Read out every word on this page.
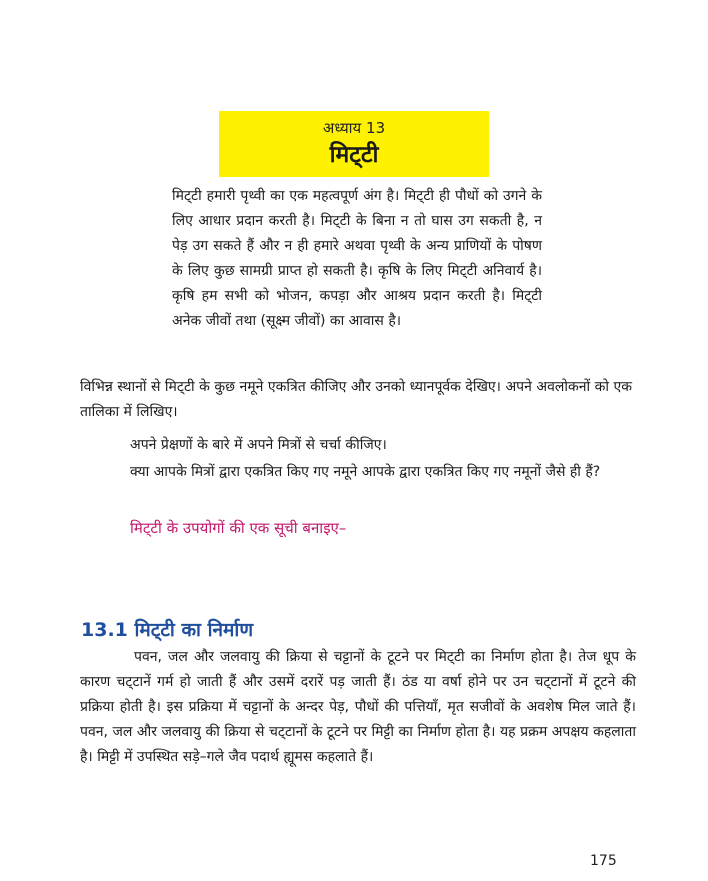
अध्याय 13
मिट्‌टी
मिट्‌टी हमारी पृथ्वी का एक महत्वपूर्ण अंग है। मिट्‌टी ही पौधों को उगने के लिए आधार प्रदान करती है। मिट्‌टी के बिना न तो घास उग सकती है, न पेड़ उग सकते हैं और न ही हमारे अथवा पृथ्वी के अन्य प्राणियों के पोषण के लिए कुछ सामग्री प्राप्त हो सकती है। कृषि के लिए मिट्‌टी अनिवार्य है। कृषि हम सभी को भोजन, कपड़ा और आश्रय प्रदान करती है। मिट्‌टी अनेक जीवों तथा (सूक्ष्म जीवों) का आवास है।
विभिन्न स्थानों से मिट्‌टी के कुछ नमूने एकत्रित कीजिए और उनको ध्यानपूर्वक देखिए। अपने अवलोकनों को एक तालिका में लिखिए।
अपने प्रेक्षणों के बारे में अपने मित्रों से चर्चा कीजिए।
क्या आपके मित्रों द्वारा एकत्रित किए गए नमूने आपके द्वारा एकत्रित किए गए नमूनों जैसे ही हैं?
मिट्‌टी के उपयोगों की एक सूची बनाइए–
13.1 मिट्‌टी का निर्माण
पवन, जल और जलवायु की क्रिया से चट्टानों के टूटने पर मिट्‌टी का निर्माण होता है। तेज धूप के कारण चट्‌टानें गर्म हो जाती हैं और उसमें दरारें पड़ जाती हैं। ठंड या वर्षा होने पर उन चट्‌टानों में टूटने की प्रक्रिया होती है। इस प्रक्रिया में चट्टानों के अन्दर पेड़, पौधों की पत्तियाँ, मृत सजीवों के अवशेष मिल जाते हैं। पवन, जल और जलवायु की क्रिया से चट्‌टानों के टूटने पर मिट्टी का निर्माण होता है। यह प्रक्रम अपक्षय कहलाता है। मिट्टी में उपस्थित सड़े–गले जैव पदार्थ ह्यूमस कहलाते हैं।
175
